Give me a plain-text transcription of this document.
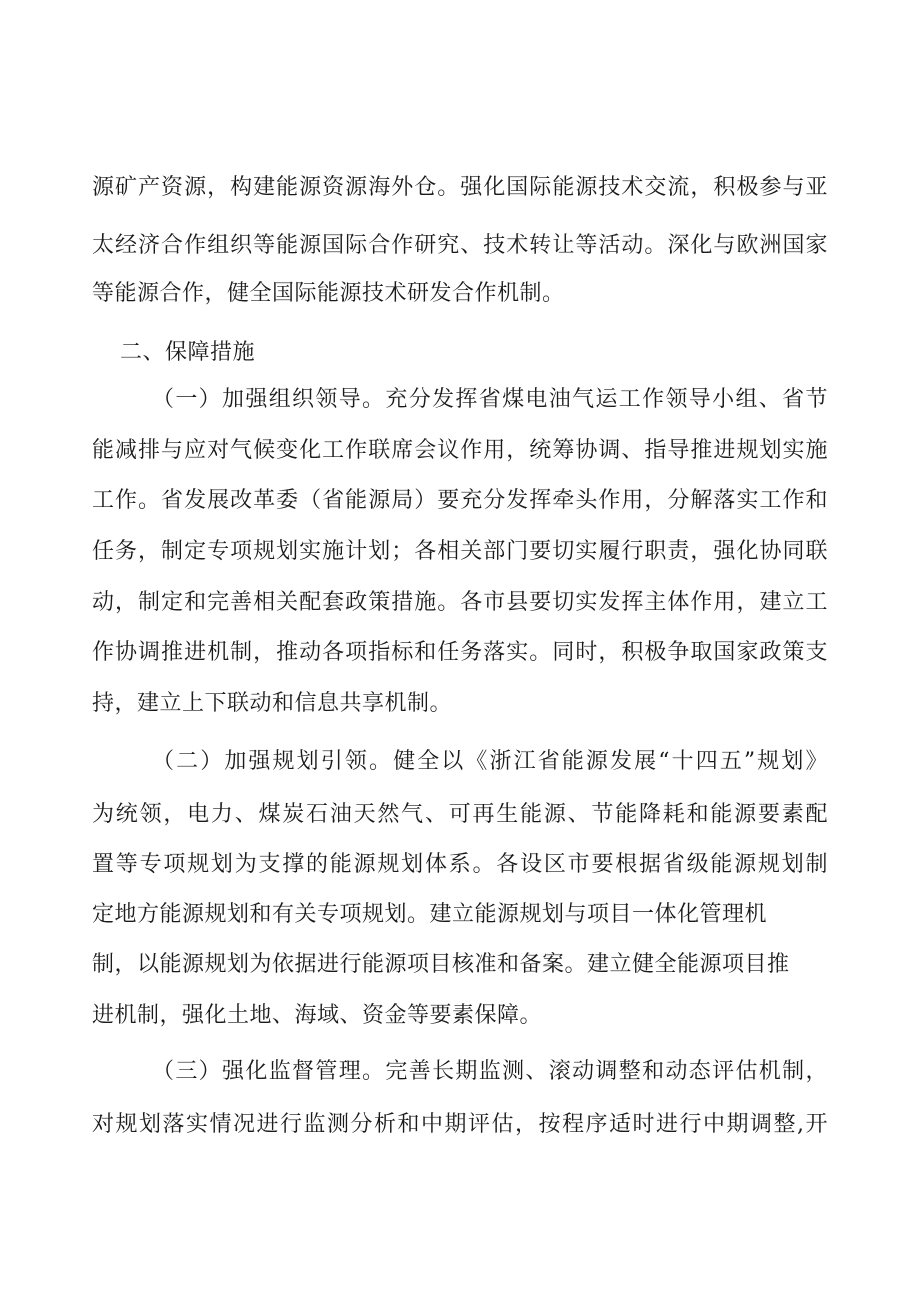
源矿产资源，构建能源资源海外仓。强化国际能源技术交流，积极参与亚
太经济合作组织等能源国际合作研究、技术转让等活动。深化与欧洲国家
等能源合作，健全国际能源技术研发合作机制。
二、保障措施
（一）加强组织领导。充分发挥省煤电油气运工作领导小组、省节
能减排与应对气候变化工作联席会议作用，统筹协调、指导推进规划实施
工作。省发展改革委（省能源局）要充分发挥牵头作用，分解落实工作和
任务，制定专项规划实施计划；各相关部门要切实履行职责，强化协同联
动，制定和完善相关配套政策措施。各市县要切实发挥主体作用，建立工
作协调推进机制，推动各项指标和任务落实。同时，积极争取国家政策支
持，建立上下联动和信息共享机制。
（二）加强规划引领。健全以《浙江省能源发展“十四五”规划》
为统领，电力、煤炭石油天然气、可再生能源、节能降耗和能源要素配
置等专项规划为支撑的能源规划体系。各设区市要根据省级能源规划制
定地方能源规划和有关专项规划。建立能源规划与项目一体化管理机
制，以能源规划为依据进行能源项目核准和备案。建立健全能源项目推
进机制，强化土地、海域、资金等要素保障。
（三）强化监督管理。完善长期监测、滚动调整和动态评估机制，
对规划落实情况进行监测分析和中期评估，按程序适时进行中期调整,开
